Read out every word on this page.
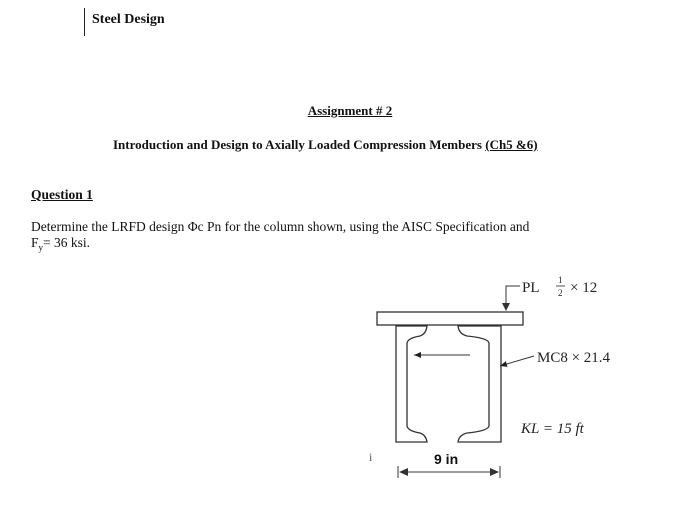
Steel Design
Assignment # 2
Introduction and Design to Axially Loaded Compression Members (Ch5 &6)
Question 1
Determine the LRFD design Φc Pn for the column shown, using the AISC Specification and
$F_y= 36$ ksi.
PL 1
2 × 12
MC8 × 21.4
KL = 15 ft
9 in
i
